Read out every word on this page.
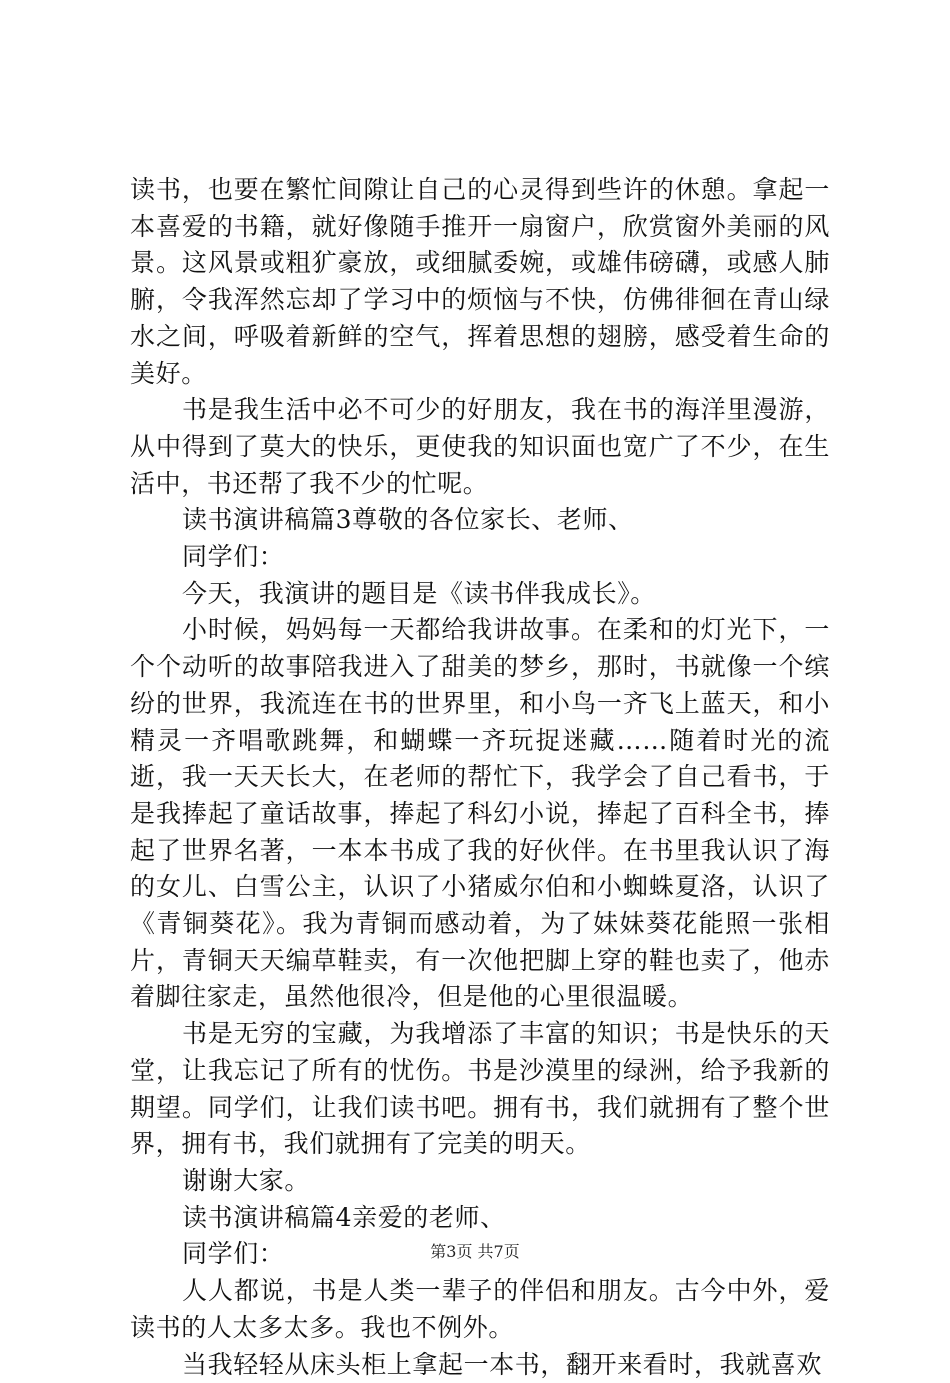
读书，也要在繁忙间隙让自己的心灵得到些许的休憩。拿起一本喜爱的书籍，就好像随手推开一扇窗户，欣赏窗外美丽的风景。这风景或粗犷豪放，或细腻委婉，或雄伟磅礴，或感人肺腑，令我浑然忘却了学习中的烦恼与不快，仿佛徘徊在青山绿水之间，呼吸着新鲜的空气，挥着思想的翅膀，感受着生命的美好。

书是我生活中必不可少的好朋友，我在书的海洋里漫游，从中得到了莫大的快乐，更使我的知识面也宽广了不少，在生活中，书还帮了我不少的忙呢。

读书演讲稿篇3尊敬的各位家长、老师、

同学们：

今天，我演讲的题目是《读书伴我成长》。

小时候，妈妈每一天都给我讲故事。在柔和的灯光下，一个个动听的故事陪我进入了甜美的梦乡，那时，书就像一个缤纷的世界，我流连在书的世界里，和小鸟一齐飞上蓝天，和小精灵一齐唱歌跳舞，和蝴蝶一齐玩捉迷藏……随着时光的流逝，我一天天长大，在老师的帮忙下，我学会了自己看书，于是我捧起了童话故事，捧起了科幻小说，捧起了百科全书，捧起了世界名著，一本本书成了我的好伙伴。在书里我认识了海的女儿、白雪公主，认识了小猪威尔伯和小蜘蛛夏洛，认识了《青铜葵花》。我为青铜而感动着，为了妹妹葵花能照一张相片，青铜天天编草鞋卖，有一次他把脚上穿的鞋也卖了，他赤着脚往家走，虽然他很冷，但是他的心里很温暖。

书是无穷的宝藏，为我增添了丰富的知识；书是快乐的天堂，让我忘记了所有的忧伤。书是沙漠里的绿洲，给予我新的期望。同学们，让我们读书吧。拥有书，我们就拥有了整个世界，拥有书，我们就拥有了完美的明天。

谢谢大家。

读书演讲稿篇4亲爱的老师、

同学们：

人人都说，书是人类一辈子的伴侣和朋友。古今中外，爱读书的人太多太多。我也不例外。

当我轻轻从床头柜上拿起一本书，翻开来看时，我就喜欢

第3页 共7页
